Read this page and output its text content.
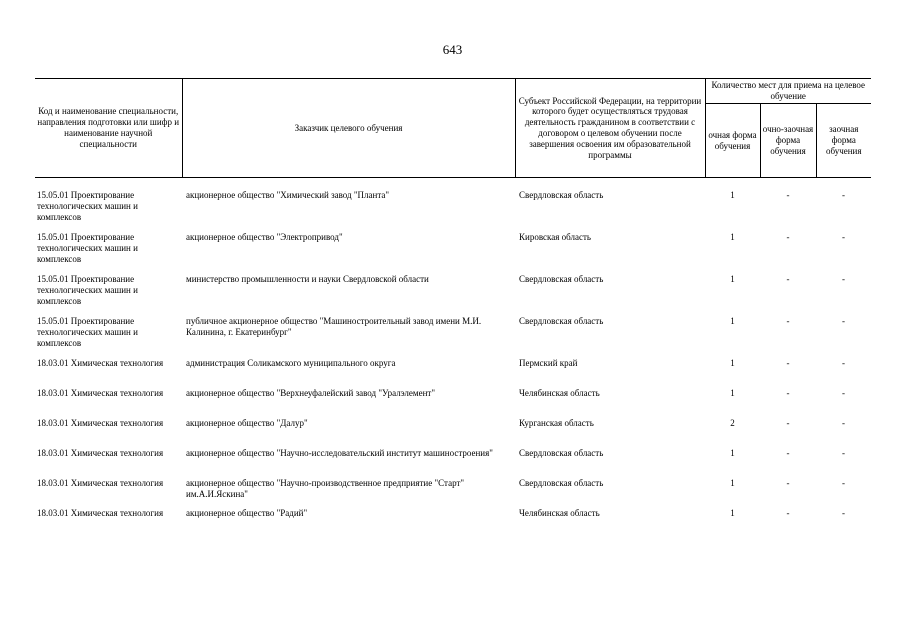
643
Код и наименование специальности, направления подготовки или шифр и наименование научной специальности	Заказчик целевого обучения	Субъект Российской Федерации, на территории которого будет осуществляться трудовая деятельность гражданином в соответствии с договором о целевом обучении после завершения освоения им образовательной программы	Количество мест для приема на целевое обучение		
			очная форма обучения	очно-заочная форма обучения	заочная форма обучения

15.05.01 Проектирование технологических машин и комплексов	акционерное общество "Химический завод "Планта"	Свердловская область	1	-	-
15.05.01 Проектирование технологических машин и комплексов	акционерное общество "Электропривод"	Кировская область	1	-	-
15.05.01 Проектирование технологических машин и комплексов	министерство промышленности и науки Свердловской области	Свердловская область	1	-	-
15.05.01 Проектирование технологических машин и комплексов	публичное акционерное общество "Машиностроительный завод имени М.И. Калинина, г. Екатеринбург"	Свердловская область	1	-	-
18.03.01 Химическая технология	администрация Соликамского муниципального округа	Пермский край	1	-	-
18.03.01 Химическая технология	акционерное общество "Верхнеуфалейский завод "Уралэлемент"	Челябинская область	1	-	-
18.03.01 Химическая технология	акционерное общество "Далур"	Курганская область	2	-	-
18.03.01 Химическая технология	акционерное общество "Научно-исследовательский институт машиностроения"	Свердловская область	1	-	-
18.03.01 Химическая технология	акционерное общество "Научно-производственное предприятие "Старт" им.А.И.Яскина"	Свердловская область	1	-	-
18.03.01 Химическая технология	акционерное общество "Радий"	Челябинская область	1	-	-
